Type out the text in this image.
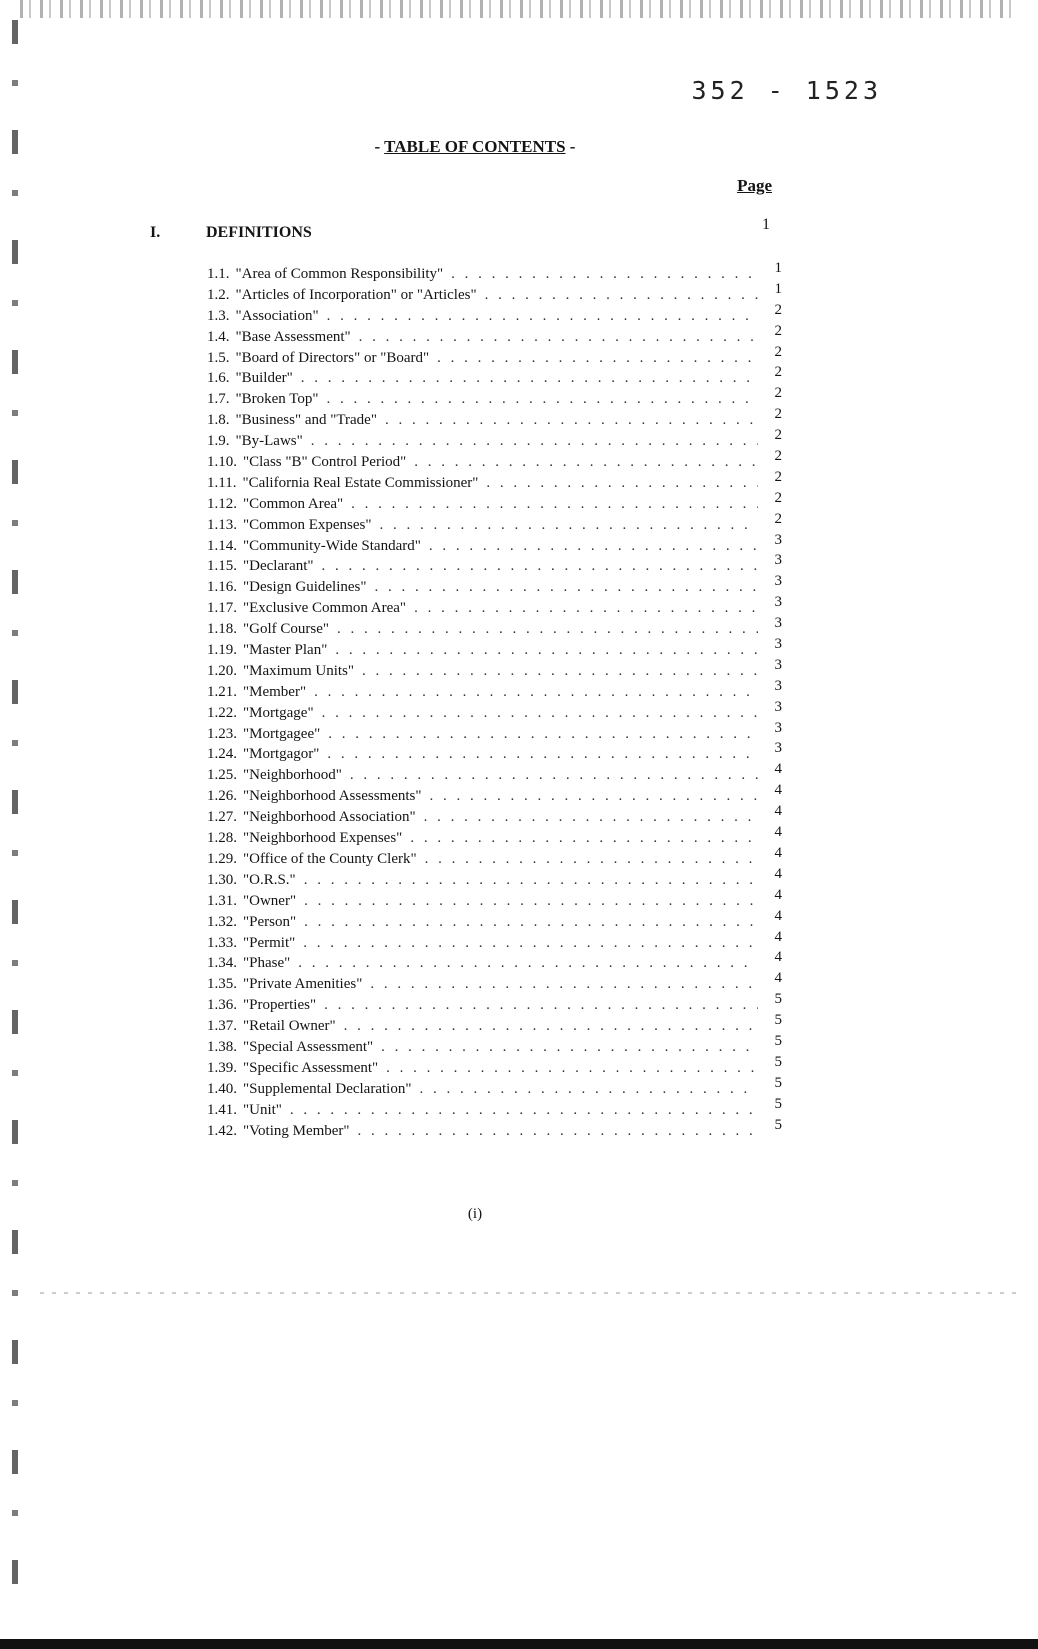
352 - 1523
- TABLE OF CONTENTS -
Page
I.	DEFINITIONS	1
1.1. "Area of Common Responsibility" . . .	1
1.2. "Articles of Incorporation" or "Articles" . . .	1
1.3. "Association" . . .	2
1.4. "Base Assessment" . . .	2
1.5. "Board of Directors" or "Board" . . .	2
1.6. "Builder" . . .	2
1.7. "Broken Top" . . .	2
1.8. "Business" and "Trade" . . .	2
1.9. "By-Laws" . . .	2
1.10. "Class "B" Control Period" . . .	2
1.11. "California Real Estate Commissioner" . . .	2
1.12. "Common Area" . . .	2
1.13. "Common Expenses" . . .	2
1.14. "Community-Wide Standard" . . .	3
1.15. "Declarant" . . .	3
1.16. "Design Guidelines" . . .	3
1.17. "Exclusive Common Area" . . .	3
1.18. "Golf Course" . . .	3
1.19. "Master Plan" . . .	3
1.20. "Maximum Units" . . .	3
1.21. "Member" . . .	3
1.22. "Mortgage" . . .	3
1.23. "Mortgagee" . . .	3
1.24. "Mortgagor" . . .	3
1.25. "Neighborhood" . . .	4
1.26. "Neighborhood Assessments" . . .	4
1.27. "Neighborhood Association" . . .	4
1.28. "Neighborhood Expenses" . . .	4
1.29. "Office of the County Clerk" . . .	4
1.30. "O.R.S." . . .	4
1.31. "Owner" . . .	4
1.32. "Person" . . .	4
1.33. "Permit" . . .	4
1.34. "Phase" . . .	4
1.35. "Private Amenities" . . .	4
1.36. "Properties" . . .	5
1.37. "Retail Owner" . . .	5
1.38. "Special Assessment" . . .	5
1.39. "Specific Assessment" . . .	5
1.40. "Supplemental Declaration" . . .	5
1.41. "Unit" . . .	5
1.42. "Voting Member" . . .	5
(i)
